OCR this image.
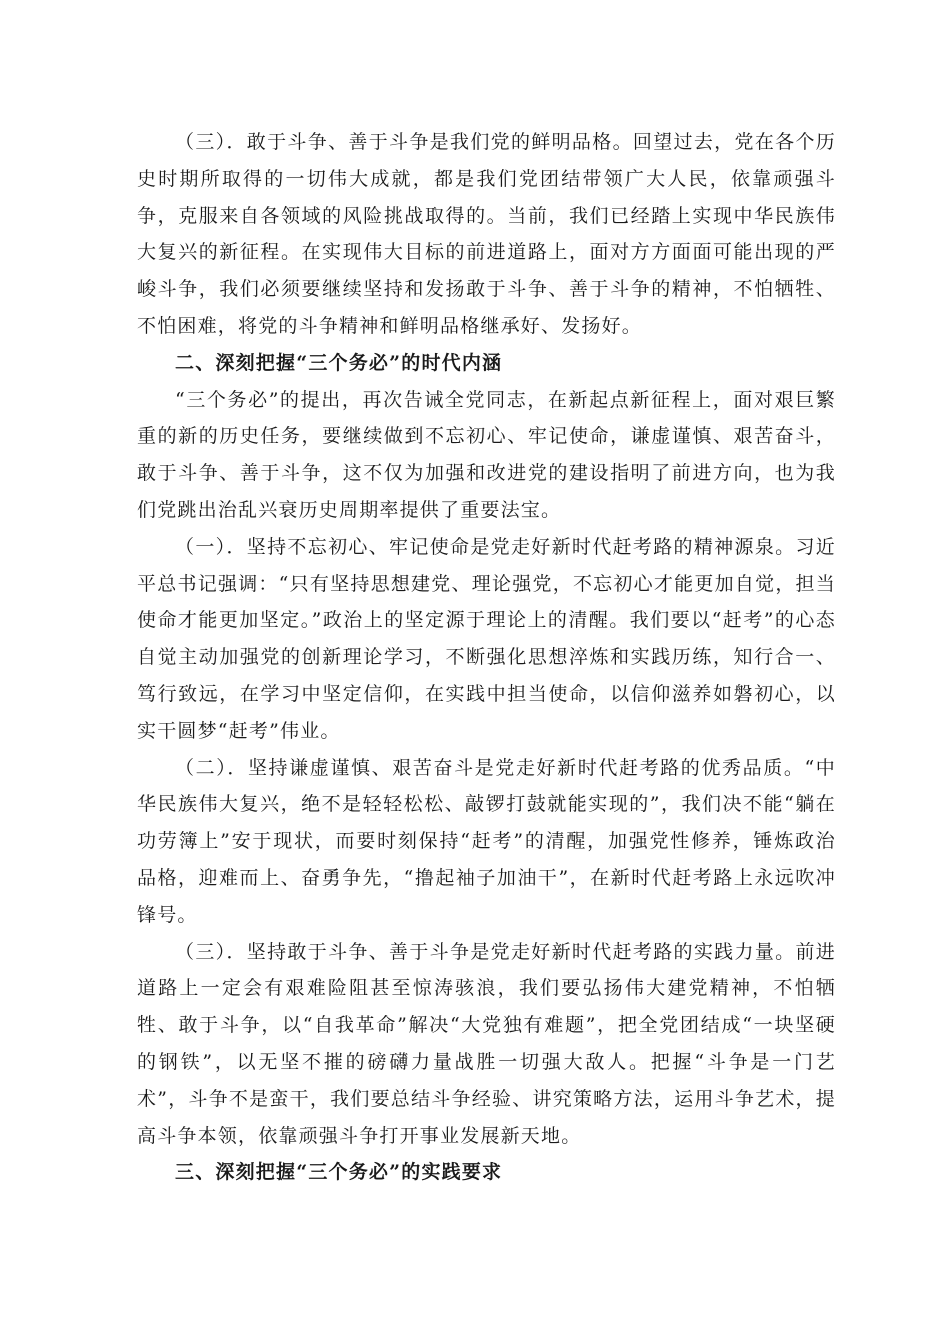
（三）．敢于斗争、善于斗争是我们党的鲜明品格。回望过去，党在各个历史时期所取得的一切伟大成就，都是我们党团结带领广大人民，依靠顽强斗争，克服来自各领域的风险挑战取得的。当前，我们已经踏上实现中华民族伟大复兴的新征程。在实现伟大目标的前进道路上，面对方方面面可能出现的严峻斗争，我们必须要继续坚持和发扬敢于斗争、善于斗争的精神，不怕牺牲、不怕困难，将党的斗争精神和鲜明品格继承好、发扬好。

二、深刻把握“三个务必”的时代内涵

“三个务必”的提出，再次告诫全党同志，在新起点新征程上，面对艰巨繁重的新的历史任务，要继续做到不忘初心、牢记使命，谦虚谨慎、艰苦奋斗，敢于斗争、善于斗争，这不仅为加强和改进党的建设指明了前进方向，也为我们党跳出治乱兴衰历史周期率提供了重要法宝。

（一）．坚持不忘初心、牢记使命是党走好新时代赶考路的精神源泉。习近平总书记强调：“只有坚持思想建党、理论强党，不忘初心才能更加自觉，担当使命才能更加坚定。”政治上的坚定源于理论上的清醒。我们要以“赶考”的心态自觉主动加强党的创新理论学习，不断强化思想淬炼和实践历练，知行合一、笃行致远，在学习中坚定信仰，在实践中担当使命，以信仰滋养如磐初心，以实干圆梦“赶考”伟业。

（二）．坚持谦虚谨慎、艰苦奋斗是党走好新时代赶考路的优秀品质。“中华民族伟大复兴，绝不是轻轻松松、敲锣打鼓就能实现的”，我们决不能“躺在功劳簿上”安于现状，而要时刻保持“赶考”的清醒，加强党性修养，锤炼政治品格，迎难而上、奋勇争先，“撸起袖子加油干”，在新时代赶考路上永远吹冲锋号。

（三）．坚持敢于斗争、善于斗争是党走好新时代赶考路的实践力量。前进道路上一定会有艰难险阻甚至惊涛骇浪，我们要弘扬伟大建党精神，不怕牺牲、敢于斗争，以“自我革命”解决“大党独有难题”，把全党团结成“一块坚硬的钢铁”，以无坚不摧的磅礴力量战胜一切强大敌人。把握“斗争是一门艺术”，斗争不是蛮干，我们要总结斗争经验、讲究策略方法，运用斗争艺术，提高斗争本领，依靠顽强斗争打开事业发展新天地。

三、深刻把握“三个务必”的实践要求
